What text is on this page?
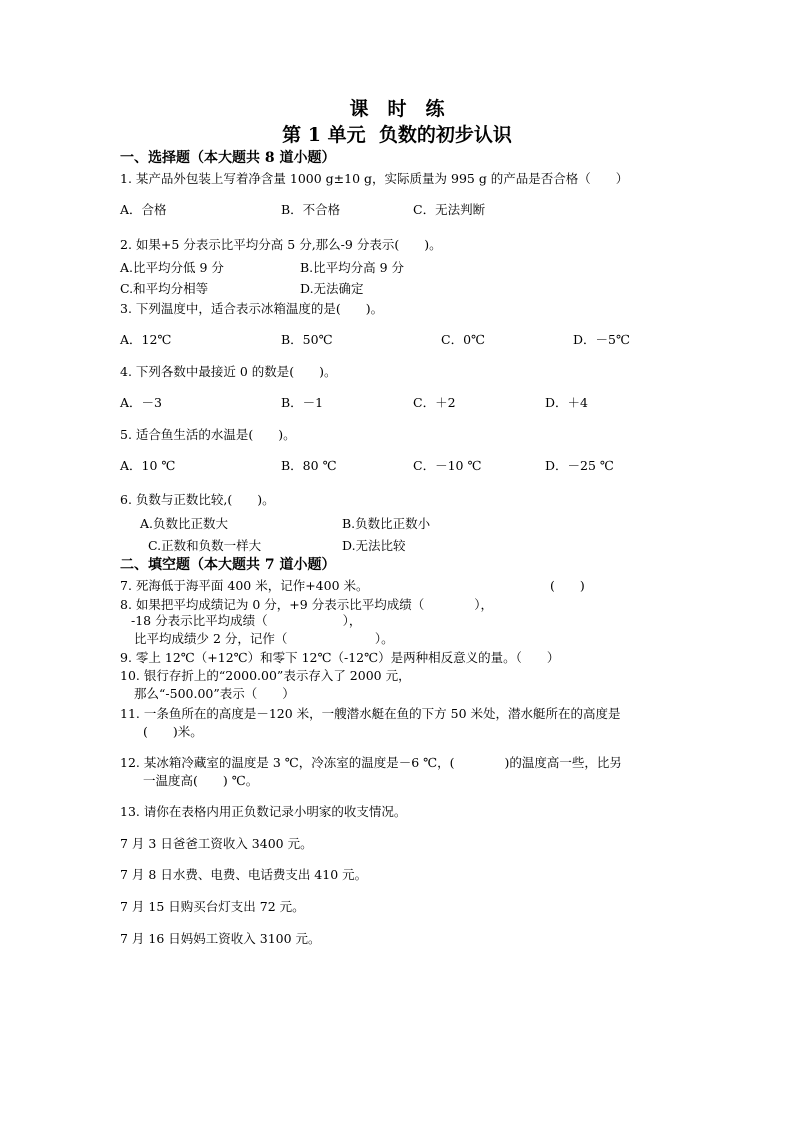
课　时　练
第 1 单元  负数的初步认识
一、选择题（本大题共 8 道小题）
1. 某产品外包装上写着净含量 1000 g±10 g，实际质量为 995 g 的产品是否合格（　　）
A．合格	B．不合格	C．无法判断
2. 如果+5 分表示比平均分高 5 分,那么-9 分表示(　　)。
A.比平均分低 9 分	B.比平均分高 9 分
C.和平均分相等	D.无法确定
3. 下列温度中，适合表示冰箱温度的是(　　)。
A．12℃	B．50℃	C．0℃	D．－5℃
4. 下列各数中最接近 0 的数是(　　)。
A．－3	B．－1	C．＋2	D．＋4
5. 适合鱼生活的水温是(　　)。
A．10 ℃	B．80 ℃	C．－10 ℃	D．－25 ℃
6. 负数与正数比较,(　　)。
A.负数比正数大	B.负数比正数小
C.正数和负数一样大	D.无法比较
二、填空题（本大题共 7 道小题）
7. 死海低于海平面 400 米，记作+400 米。	(　　)
8. 如果把平均成绩记为 0 分，+9 分表示比平均成绩（　　　　），
-18 分表示比平均成绩（　　　　　　），
比平均成绩少 2 分，记作（　　　　　　　）。
9. 零上 12℃（+12℃）和零下 12℃（-12℃）是两种相反意义的量。（　　）
10. 银行存折上的“2000.00”表示存入了 2000 元，
那么“-500.00”表示（　　）
11. 一条鱼所在的高度是－120 米，一艘潜水艇在鱼的下方 50 米处，潜水艇所在的高度是
(　　)米。
12. 某冰箱冷藏室的温度是 3 ℃，冷冻室的温度是－6 ℃，(　　　　)的温度高一些，比另
一温度高(　　) ℃。
13. 请你在表格内用正负数记录小明家的收支情况。
7 月 3 日爸爸工资收入 3400 元。
7 月 8 日水费、电费、电话费支出 410 元。
7 月 15 日购买台灯支出 72 元。
7 月 16 日妈妈工资收入 3100 元。
